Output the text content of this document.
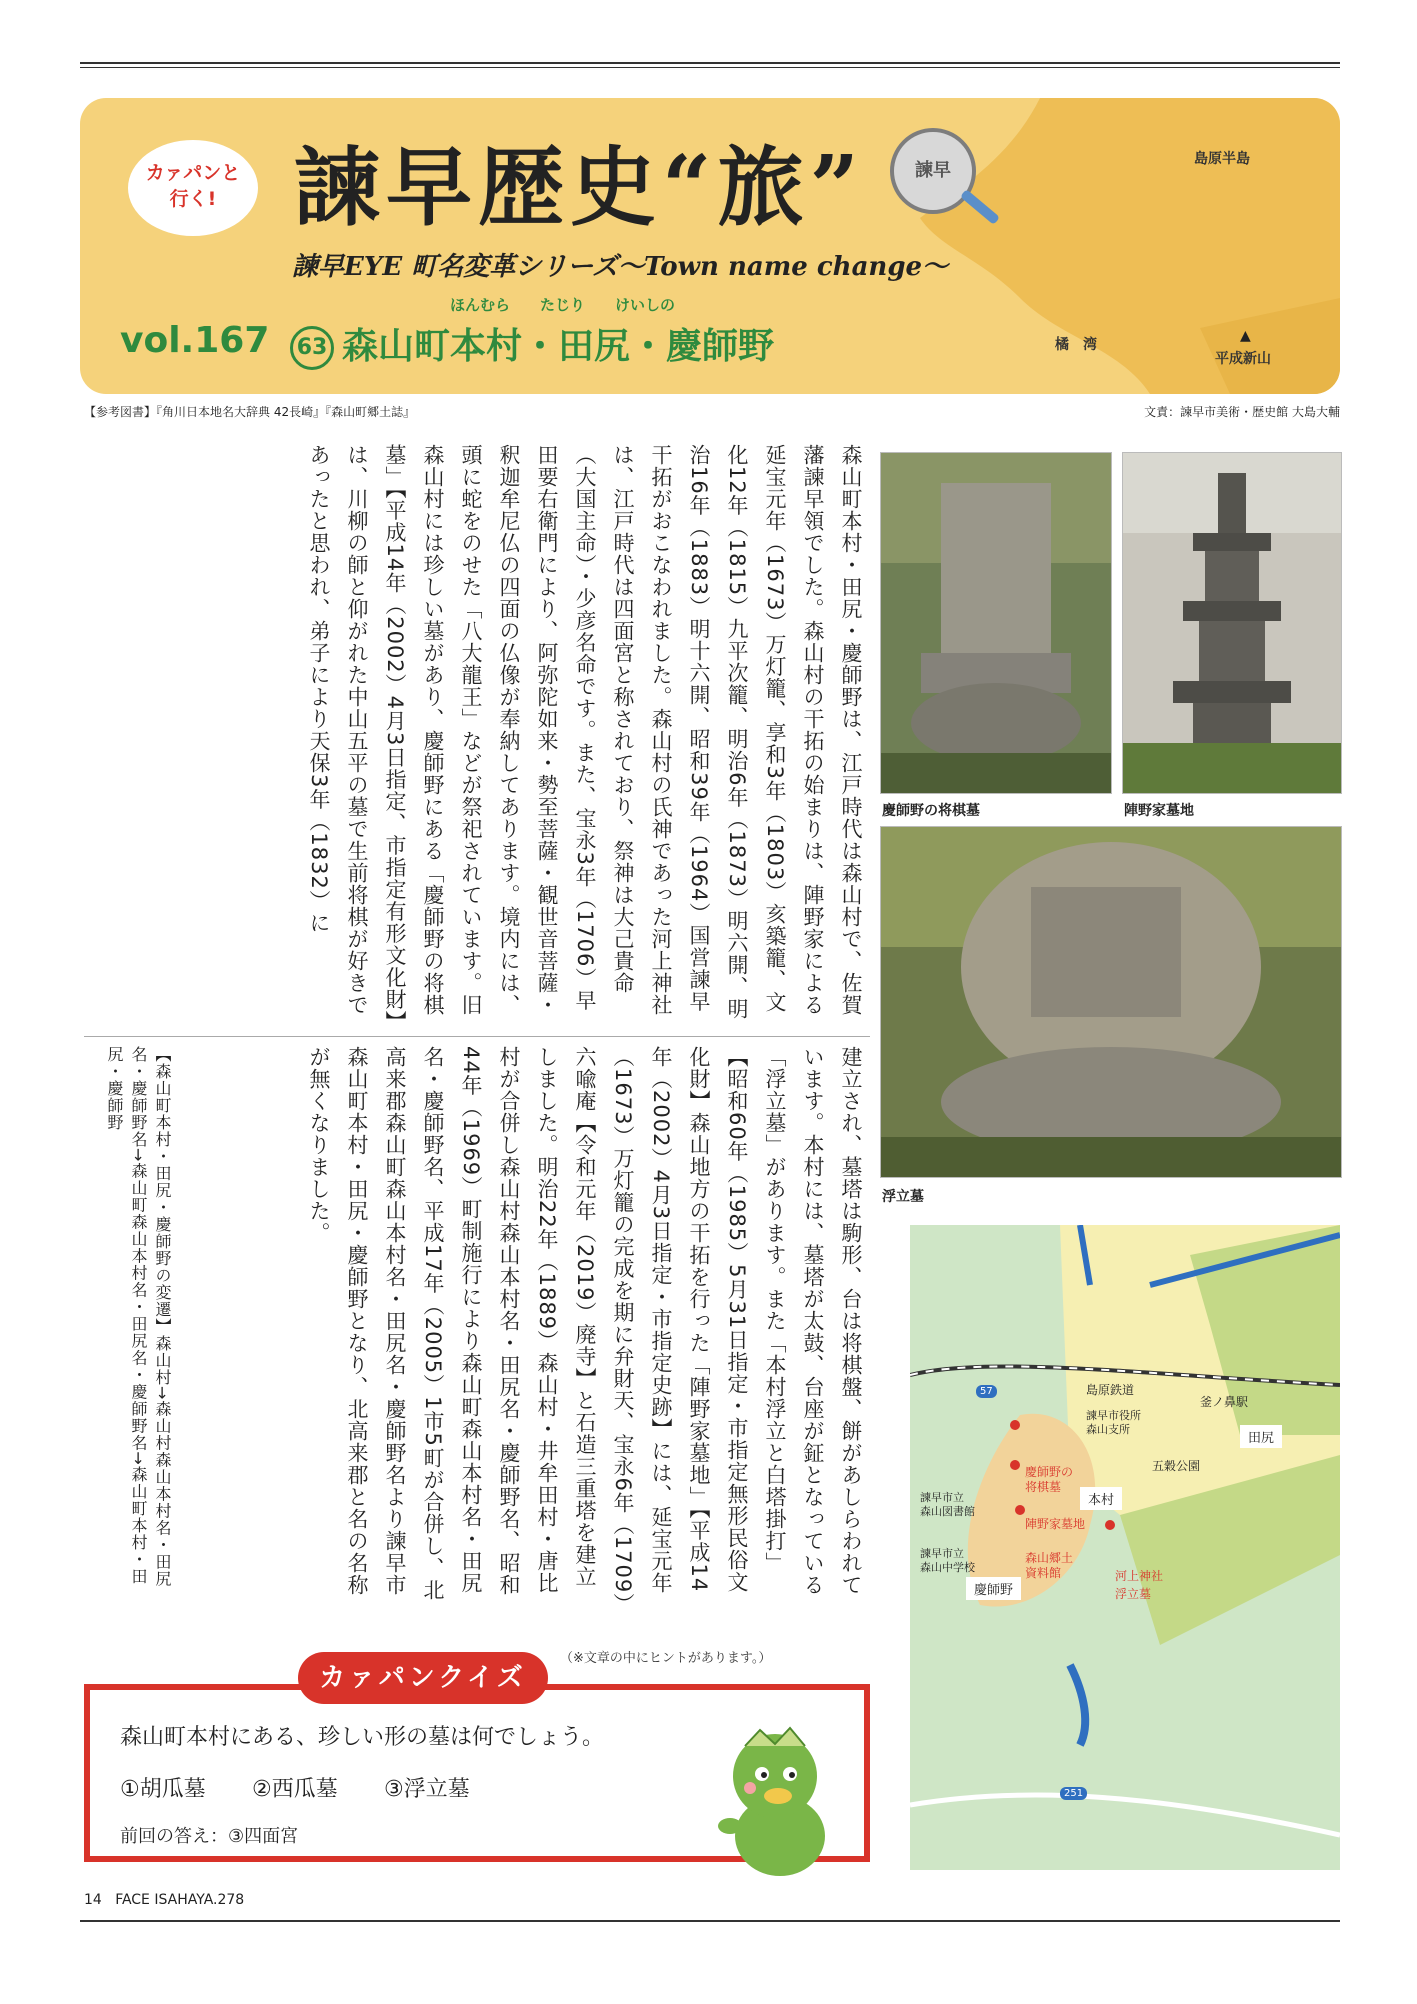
島原半島
橘　湾
平成新山
▲
カァパンと
行く! 諫早歴史“旅”	諫早
諫早EYE 町名変革シリーズ〜Town name change〜
ほんむら　　たじり　　けいしの
vol.167	63 森山町本村・田尻・慶師野
【参考図書】『角川日本地名大辞典 42長崎』『森山町郷土誌』	文責：諫早市美術・歴史館 大島大輔
森山町本村・田尻・慶師野は、江戸時代は森山村で、佐賀藩諫早領でした。森山村の干拓の始まりは、陣野家による延宝元年（1673）万灯籠、享和3年（1803）亥築籠、文化12年（1815）九平次籠、明治6年（1873）明六開、明治16年（1883）明十六開、昭和39年（1964）国営諫早干拓がおこなわれました。森山村の氏神であった河上神社は、江戸時代は四面宮と称されており、祭神は大己貴命（大国主命）・少彦名命です。また、宝永3年（1706）早田要右衛門により、阿弥陀如来・勢至菩薩・観世音菩薩・釈迦牟尼仏の四面の仏像が奉納してあります。境内には、頭に蛇をのせた「八大龍王」などが祭祀されています。旧森山村には珍しい墓があり、慶師野にある「慶師野の将棋墓」【平成14年（2002）4月3日指定、市指定有形文化財】は、川柳の師と仰がれた中山五平の墓で生前将棋が好きであったと思われ、弟子により天保3年（1832）に
建立され、墓塔は駒形、台は将棋盤、餅があしらわれています。本村には、墓塔が太鼓、台座が鉦となっている「浮立墓」があります。また「本村浮立と白塔掛打」【昭和60年（1985）5月31日指定・市指定無形民俗文化財】森山地方の干拓を行った「陣野家墓地」【平成14年（2002）4月3日指定・市指定史跡】には、延宝元年（1673）万灯籠の完成を期に弁財天、宝永6年（1709）六喩庵【令和元年（2019）廃寺】と石造三重塔を建立しました。明治22年（1889）森山村・井牟田村・唐比村が合併し森山村森山本村名・田尻名・慶師野名、昭和44年（1969）町制施行により森山町森山本村名・田尻名・慶師野名、平成17年（2005）1市5町が合併し、北高来郡森山町森山本村名・田尻名・慶師野名より諫早市森山町本村・田尻・慶師野となり、北高来郡と名の名称が無くなりました。
【森山町本村・田尻・慶師野の変遷】森山村→森山村森山本村名・田尻名・慶師野名→森山町森山本村名・田尻名・慶師野名→森山町本村・田尻・慶師野
慶師野の将棋墓	陣野家墓地
浮立墓
島原鉄道
釜ノ鼻駅
諫早市役所
森山支所
田尻
五穀公園
諫早市立
森山図書館
慶師野の
将棋墓
本村
陣野家墓地
諫早市立
森山中学校
森山郷土
資料館	河上神社
浮立墓
慶師野
57
251
（※文章の中にヒントがあります。）
カァパンクイズ
森山町本村にある、珍しい形の墓は何でしょう。
①胡瓜墓 ②西瓜墓 ③浮立墓
前回の答え：③四面宮
14 FACE ISAHAYA.278
